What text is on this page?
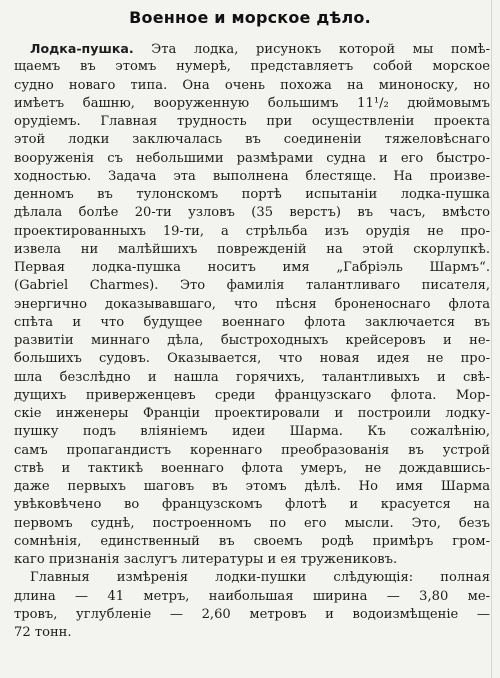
Военное и морское дѣло.
Лодка-пушка. Эта лодка, рисунокъ которой мы помѣ-
щаемъ въ этомъ нумерѣ, представляетъ собой морское
судно новаго типа. Она очень похожа на миноноску, но
имѣетъ башню, вооруженную большимъ 11¹/₂ дюймовымъ
орудіемъ. Главная трудность при осуществленіи проекта
этой лодки заключалась въ соединеніи тяжеловѣснаго
вооруженія съ небольшими размѣрами судна и его быстро-
ходностью. Задача эта выполнена блестяще. На произве-
денномъ въ тулонскомъ портѣ испытаніи лодка-пушка
дѣлала болѣе 20-ти узловъ (35 верстъ) въ часъ, вмѣсто
проектированныхъ 19-ти, а стрѣльба изъ орудія не про-
извела ни малѣйшихъ поврежденій на этой скорлупкѣ.
Первая лодка-пушка носитъ имя „Габріэль Шармъ“.
(Gabriel Charmes). Это фамилія талантливаго писателя,
энергично доказывавшаго, что пѣсня броненоснаго флота
спѣта и что будущее военнаго флота заключается въ
развитіи миннаго дѣла, быстроходныхъ крейсеровъ и не-
большихъ судовъ. Оказывается, что новая идея не про-
шла безслѣдно и нашла горячихъ, талантливыхъ и свѣ-
дущихъ приверженцевъ среди французскаго флота. Мор-
скіе инженеры Франціи проектировали и построили лодку-
пушку подъ вліяніемъ идеи Шарма. Къ сожалѣнію,
самъ пропагандистъ кореннаго преобразованія въ устрой
ствѣ и тактикѣ военнаго флота умеръ, не дождавшись-
даже первыхъ шаговъ въ этомъ дѣлѣ. Но имя Шарма
увѣковѣчено во французскомъ флотѣ и красуется на
первомъ суднѣ, построенномъ по его мысли. Это, безъ
сомнѣнія, единственный въ своемъ родѣ примѣръ гром-
каго признанія заслугъ литературы и ея тружениковъ.
Главныя измѣренія лодки-пушки слѣдующія: полная
длина — 41 метръ, наибольшая ширина — 3,80 ме-
тровъ, углубленіе — 2,60 метровъ и водоизмѣщеніе —
72 тонн.
